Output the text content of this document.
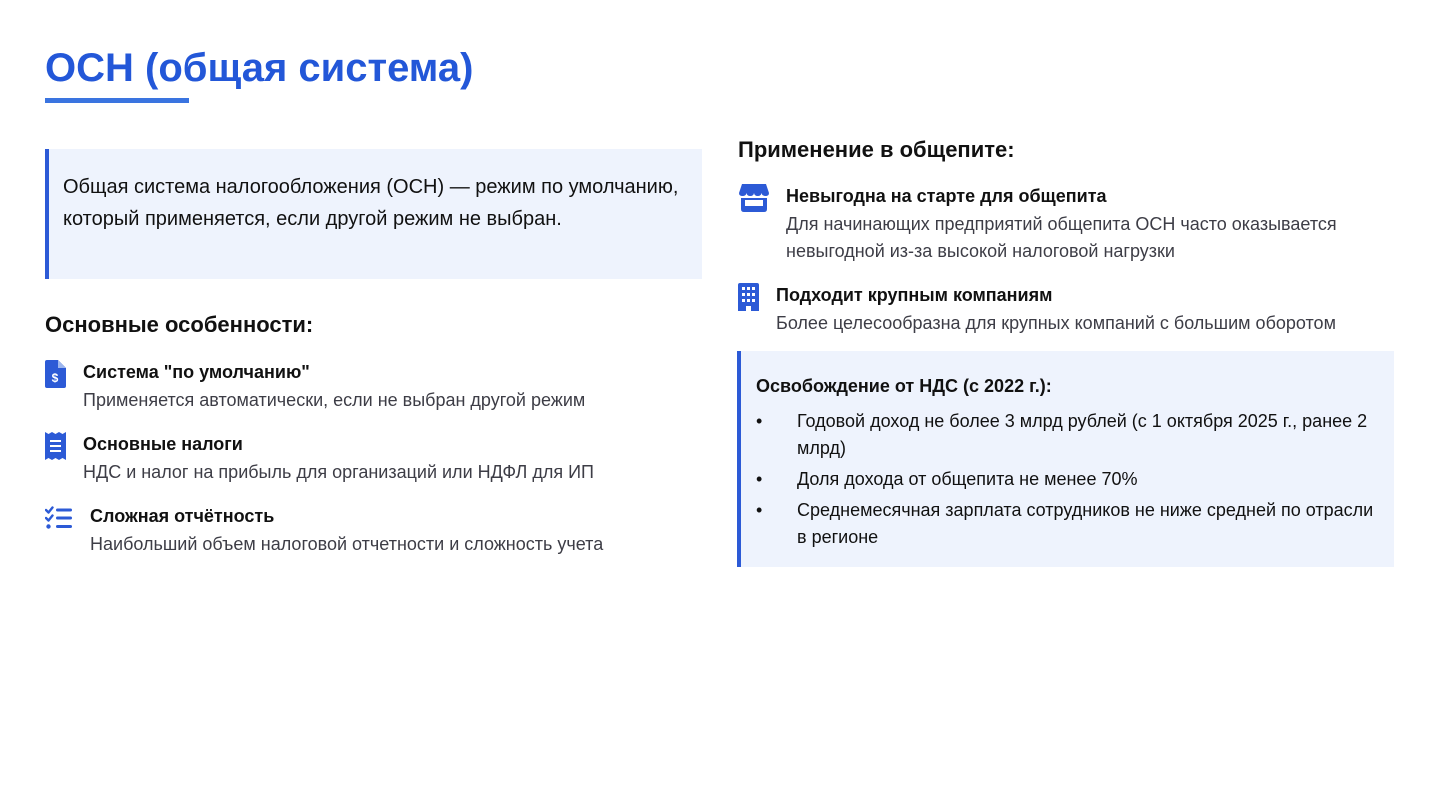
ОСН (общая система)

Общая система налогообложения (ОСН) — режим по умолчанию, который применяется, если другой режим не выбран.

Основные особенности:
$ Система "по умолчанию"
Применяется автоматически, если не выбран другой режим
Основные налоги
НДС и налог на прибыль для организаций или НДФЛ для ИП
Сложная отчётность
Наибольший объем налоговой отчетности и сложность учета
Применение в общепите:
Невыгодна на старте для общепита
Для начинающих предприятий общепита ОСН часто оказывается невыгодной из-за высокой налоговой нагрузки
Подходит крупным компаниям
Более целесообразна для крупных компаний с большим оборотом
Освобождение от НДС (с 2022 г.):
•	Годовой доход не более 3 млрд рублей (с 1 октября 2025 г., ранее 2 млрд)
•	Доля дохода от общепита не менее 70%
•	Среднемесячная зарплата сотрудников не ниже средней по отрасли в регионе
